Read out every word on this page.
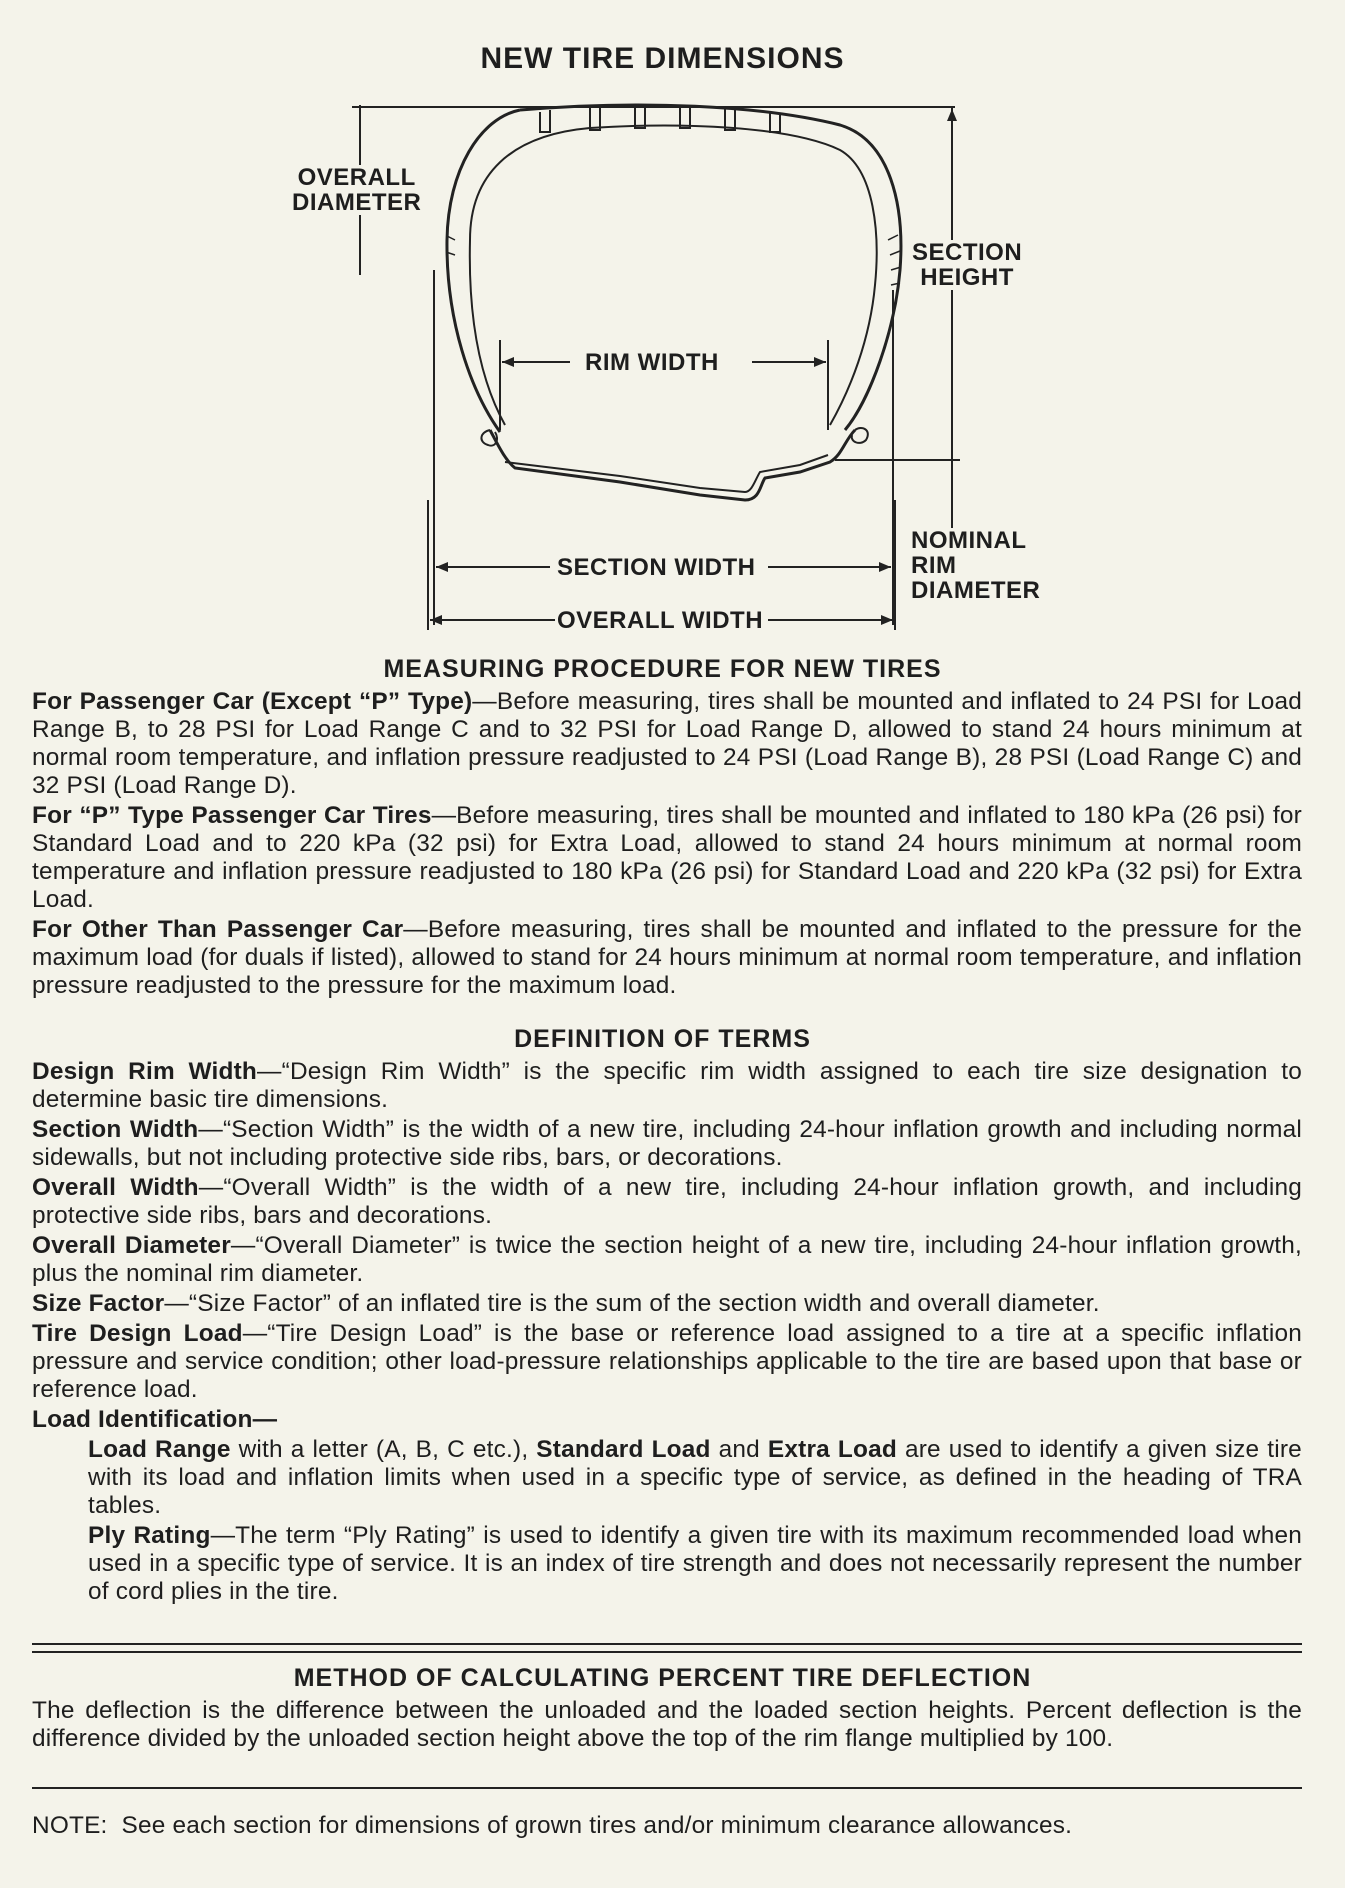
NEW TIRE DIMENSIONS
OVERALL
DIAMETER
SECTION
HEIGHT
RIM WIDTH
NOMINAL
RIM
DIAMETER
SECTION WIDTH
OVERALL WIDTH
MEASURING PROCEDURE FOR NEW TIRES

For Passenger Car (Except “P” Type)—Before measuring, tires shall be mounted and inflated to 24 PSI for Load Range B, to 28 PSI for Load Range C and to 32 PSI for Load Range D, allowed to stand 24 hours minimum at normal room temperature, and inflation pressure readjusted to 24 PSI (Load Range B), 28 PSI (Load Range C) and 32 PSI (Load Range D).

For “P” Type Passenger Car Tires—Before measuring, tires shall be mounted and inflated to 180 kPa (26 psi) for Standard Load and to 220 kPa (32 psi) for Extra Load, allowed to stand 24 hours minimum at normal room temperature and inflation pressure readjusted to 180 kPa (26 psi) for Standard Load and 220 kPa (32 psi) for Extra Load.

For Other Than Passenger Car—Before measuring, tires shall be mounted and inflated to the pressure for the maximum load (for duals if listed), allowed to stand for 24 hours minimum at normal room temperature, and inflation pressure readjusted to the pressure for the maximum load.

DEFINITION OF TERMS

Design Rim Width—“Design Rim Width” is the specific rim width assigned to each tire size designation to determine basic tire dimensions.

Section Width—“Section Width” is the width of a new tire, including 24-hour inflation growth and including normal sidewalls, but not including protective side ribs, bars, or decorations.

Overall Width—“Overall Width” is the width of a new tire, including 24-hour inflation growth, and including protective side ribs, bars and decorations.

Overall Diameter—“Overall Diameter” is twice the section height of a new tire, including 24-hour inflation growth, plus the nominal rim diameter.

Size Factor—“Size Factor” of an inflated tire is the sum of the section width and overall diameter.

Tire Design Load—“Tire Design Load” is the base or reference load assigned to a tire at a specific inflation pressure and service condition; other load-pressure relationships applicable to the tire are based upon that base or reference load.

Load Identification—

Load Range with a letter (A, B, C etc.), Standard Load and Extra Load are used to identify a given size tire with its load and inflation limits when used in a specific type of service, as defined in the heading of TRA tables.

Ply Rating—The term “Ply Rating” is used to identify a given tire with its maximum recommended load when used in a specific type of service. It is an index of tire strength and does not necessarily represent the number of cord plies in the tire.

METHOD OF CALCULATING PERCENT TIRE DEFLECTION
The deflection is the difference between the unloaded and the loaded section heights. Percent deflection is the difference divided by the unloaded section height above the top of the rim flange multiplied by 100.
NOTE: See each section for dimensions of grown tires and/or minimum clearance allowances.
